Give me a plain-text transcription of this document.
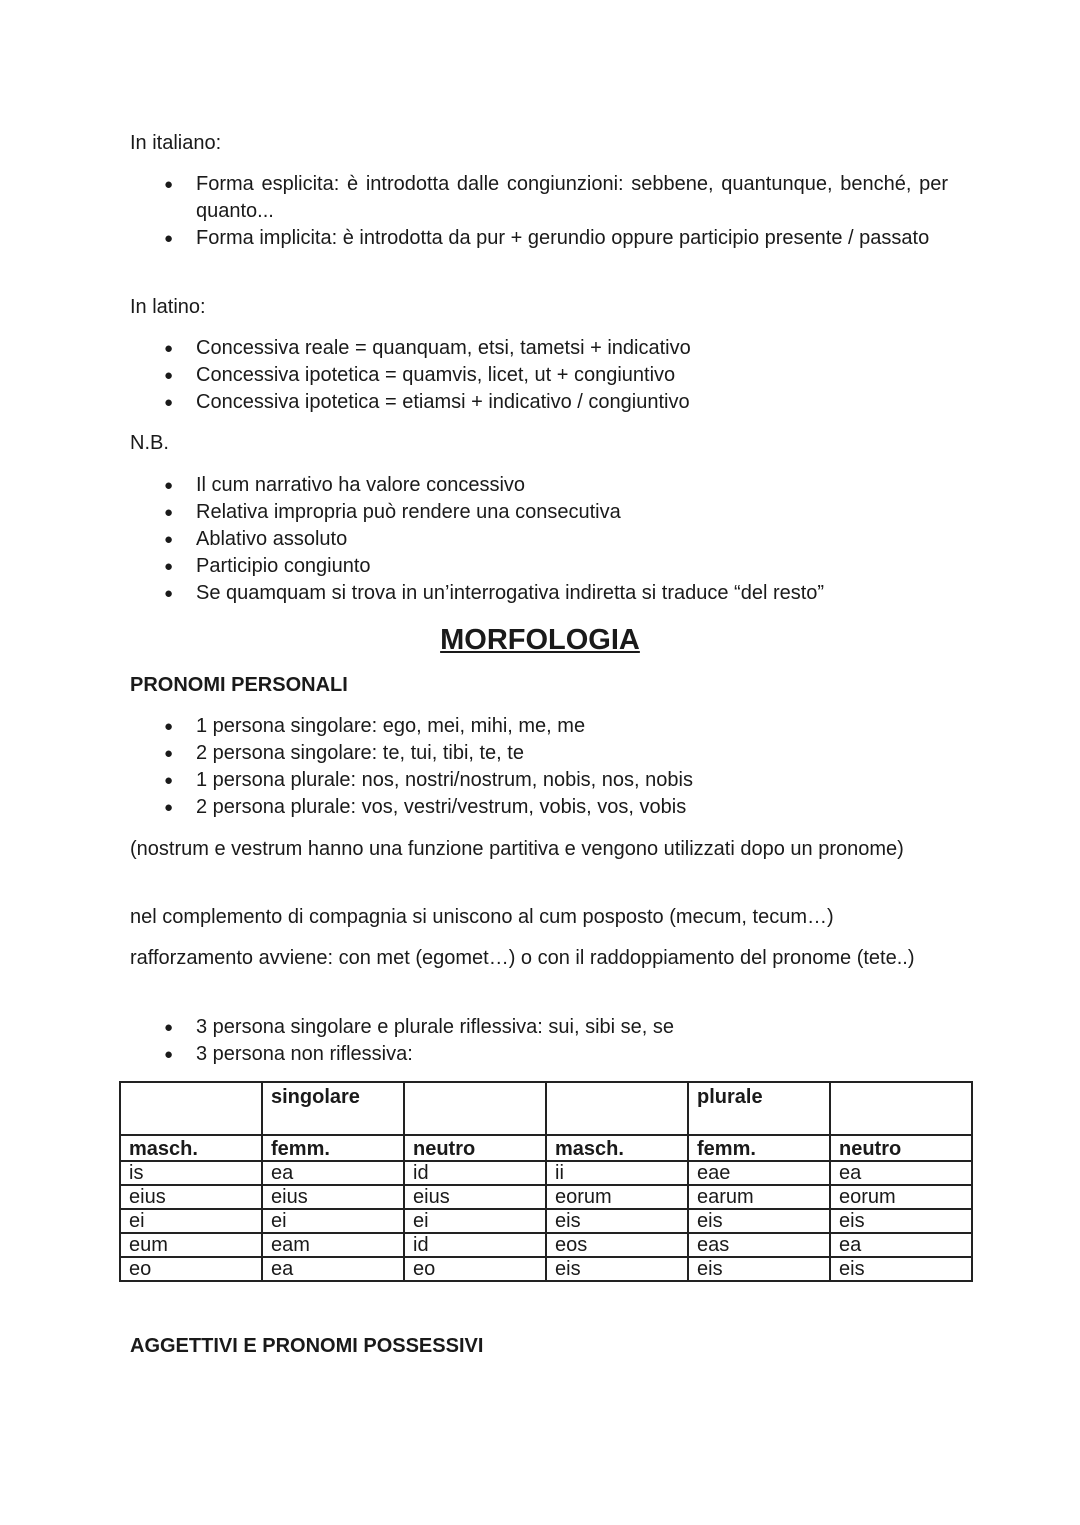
In italiano:

● Forma esplicita: è introdotta dalle congiunzioni: sebbene, quantunque, benché, per quanto...
● Forma implicita: è introdotta da pur + gerundio oppure participio presente / passato

In latino:

● Concessiva reale = quanquam, etsi, tametsi + indicativo
● Concessiva ipotetica = quamvis, licet, ut + congiuntivo
● Concessiva ipotetica = etiamsi + indicativo / congiuntivo

N.B.

● Il cum narrativo ha valore concessivo
● Relativa impropria può rendere una consecutiva
● Ablativo assoluto
● Participio congiunto
● Se quamquam si trova in un’interrogativa indiretta si traduce “del resto”
MORFOLOGIA
PRONOMI PERSONALI
● 1 persona singolare: ego, mei, mihi, me, me
● 2 persona singolare: te, tui, tibi, te, te
● 1 persona plurale: nos, nostri/nostrum, nobis, nos, nobis
● 2 persona plurale: vos, vestri/vestrum, vobis, vos, vobis

(nostrum e vestrum hanno una funzione partitiva e vengono utilizzati dopo un pronome)

nel complemento di compagnia si uniscono al cum posposto (mecum, tecum…)

rafforzamento avviene: con met (egomet…) o con il raddoppiamento del pronome (tete..)

● 3 persona singolare e plurale riflessiva: sui, sibi se, se
● 3 persona non riflessiva:
	singolare			plurale	
masch.	femm.	neutro	masch.	femm.	neutro
is	ea	id	ii	eae	ea
eius	eius	eius	eorum	earum	eorum
ei	ei	ei	eis	eis	eis
eum	eam	id	eos	eas	ea
eo	ea	eo	eis	eis	eis
AGGETTIVI E PRONOMI POSSESSIVI
